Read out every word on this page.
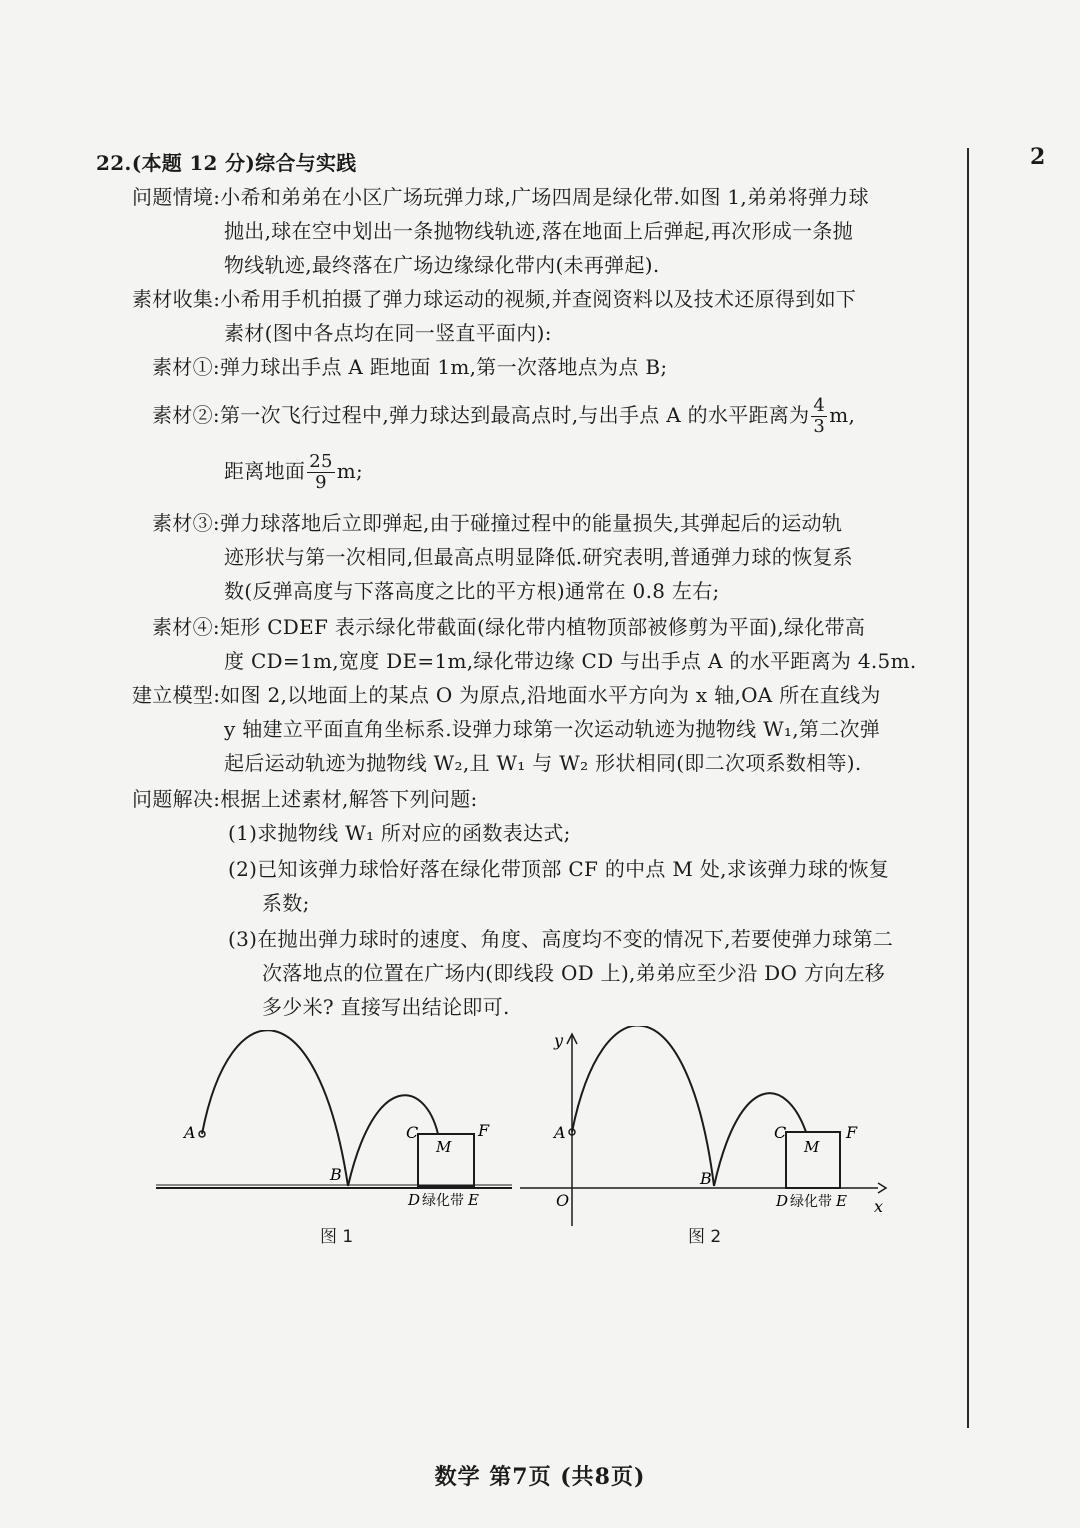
2
22.(本题 12 分)综合与实践
问题情境:小希和弟弟在小区广场玩弹力球,广场四周是绿化带.如图 1,弟弟将弹力球
抛出,球在空中划出一条抛物线轨迹,落在地面上后弹起,再次形成一条抛
物线轨迹,最终落在广场边缘绿化带内(未再弹起).
素材收集:小希用手机拍摄了弹力球运动的视频,并查阅资料以及技术还原得到如下
素材(图中各点均在同一竖直平面内):
素材①:弹力球出手点 A 距地面 1m,第一次落地点为点 B;
素材②:第一次飞行过程中,弹力球达到最高点时,与出手点 A 的水平距离为 $\frac{4}{3} m$,
距离地面 $\frac{25}{9} m$;
素材③:弹力球落地后立即弹起,由于碰撞过程中的能量损失,其弹起后的运动轨
迹形状与第一次相同,但最高点明显降低.研究表明,普通弹力球的恢复系
数(反弹高度与下落高度之比的平方根)通常在 0.8 左右;
素材④:矩形 CDEF 表示绿化带截面(绿化带内植物顶部被修剪为平面),绿化带高
度 CD=1m,宽度 DE=1m,绿化带边缘 CD 与出手点 A 的水平距离为 4.5m.
建立模型:如图 2,以地面上的某点 O 为原点,沿地面水平方向为 x 轴,OA 所在直线为
y 轴建立平面直角坐标系.设弹力球第一次运动轨迹为抛物线 W₁,第二次弹
起后运动轨迹为抛物线 W₂,且 W₁ 与 W₂ 形状相同(即二次项系数相等).
问题解决:根据上述素材,解答下列问题:
(1)求抛物线 W₁ 所对应的函数表达式;
(2)已知该弹力球恰好落在绿化带顶部 CF 的中点 M 处,求该弹力球的恢复
系数;
(3)在抛出弹力球时的速度、角度、高度均不变的情况下,若要使弹力球第二
次落地点的位置在广场内(即线段 OD 上),弟弟应至少沿 DO 方向左移
多少米? 直接写出结论即可.
A
B
C
M
F
D 绿化带 E
图 1
y
x
O
A
B
C
M
F
D 绿化带 E
图 2
数学 第7页 (共8页)
